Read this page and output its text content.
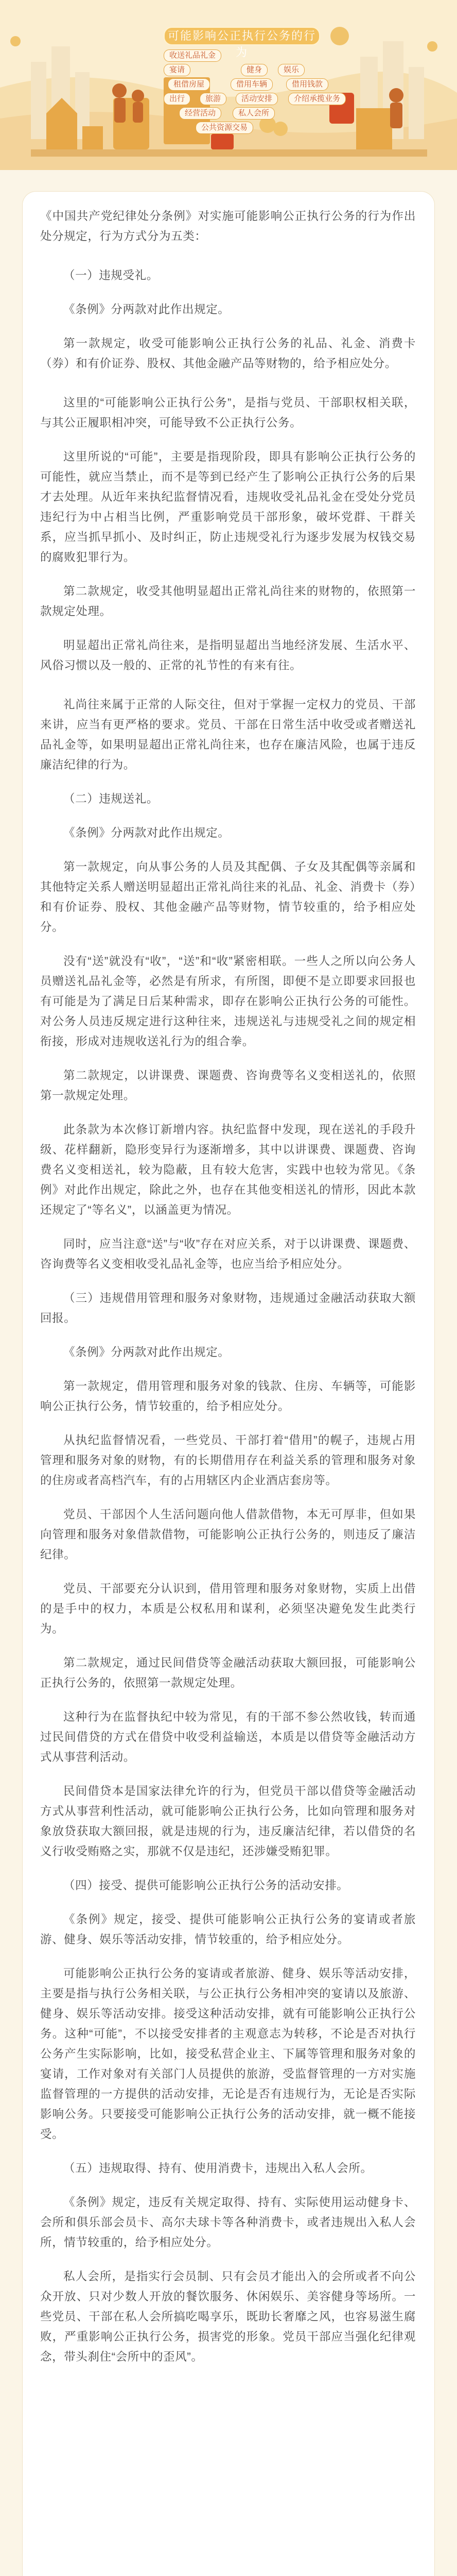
可能影响公正执行公务的行为
收送礼品礼金
宴请	健身	娱乐
租借房屋	借用车辆	借用钱款
出行	旅游	活动安排	介绍承揽业务
经营活动	私人会所
公共资源交易

《中国共产党纪律处分条例》对实施可能影响公正执行公务的行为作出处分规定，行为方式分为五类：

（一）违规受礼。

《条例》分两款对此作出规定。

第一款规定，收受可能影响公正执行公务的礼品、礼金、消费卡（券）和有价证券、股权、其他金融产品等财物的，给予相应处分。

这里的“可能影响公正执行公务”，是指与党员、干部职权相关联，与其公正履职相冲突，可能导致不公正执行公务。

这里所说的“可能”，主要是指现阶段，即具有影响公正执行公务的可能性，就应当禁止，而不是等到已经产生了影响公正执行公务的后果才去处理。从近年来执纪监督情况看，违规收受礼品礼金在受处分党员违纪行为中占相当比例，严重影响党员干部形象，破坏党群、干群关系，应当抓早抓小、及时纠正，防止违规受礼行为逐步发展为权钱交易的腐败犯罪行为。

第二款规定，收受其他明显超出正常礼尚往来的财物的，依照第一款规定处理。

明显超出正常礼尚往来，是指明显超出当地经济发展、生活水平、风俗习惯以及一般的、正常的礼节性的有来有往。

礼尚往来属于正常的人际交往，但对于掌握一定权力的党员、干部来讲，应当有更严格的要求。党员、干部在日常生活中收受或者赠送礼品礼金等，如果明显超出正常礼尚往来，也存在廉洁风险，也属于违反廉洁纪律的行为。

（二）违规送礼。

《条例》分两款对此作出规定。

第一款规定，向从事公务的人员及其配偶、子女及其配偶等亲属和其他特定关系人赠送明显超出正常礼尚往来的礼品、礼金、消费卡（券）和有价证券、股权、其他金融产品等财物，情节较重的，给予相应处分。

没有“送”就没有“收”，“送”和“收”紧密相联。一些人之所以向公务人员赠送礼品礼金等，必然是有所求，有所图，即便不是立即要求回报也有可能是为了满足日后某种需求，即存在影响公正执行公务的可能性。对公务人员违反规定进行这种往来，违规送礼与违规受礼之间的规定相衔接，形成对违规收送礼行为的组合拳。

第二款规定，以讲课费、课题费、咨询费等名义变相送礼的，依照第一款规定处理。

此条款为本次修订新增内容。执纪监督中发现，现在送礼的手段升级、花样翻新，隐形变异行为逐渐增多，其中以讲课费、课题费、咨询费名义变相送礼，较为隐蔽，且有较大危害，实践中也较为常见。《条例》对此作出规定，除此之外，也存在其他变相送礼的情形，因此本款还规定了“等名义”，以涵盖更为情况。

同时，应当注意“送”与“收”存在对应关系，对于以讲课费、课题费、咨询费等名义变相收受礼品礼金等，也应当给予相应处分。

（三）违规借用管理和服务对象财物，违规通过金融活动获取大额回报。

《条例》分两款对此作出规定。

第一款规定，借用管理和服务对象的钱款、住房、车辆等，可能影响公正执行公务，情节较重的，给予相应处分。

从执纪监督情况看，一些党员、干部打着“借用”的幌子，违规占用管理和服务对象的财物，有的长期借用存在利益关系的管理和服务对象的住房或者高档汽车，有的占用辖区内企业酒店套房等。

党员、干部因个人生活问题向他人借款借物，本无可厚非，但如果向管理和服务对象借款借物，可能影响公正执行公务的，则违反了廉洁纪律。

党员、干部要充分认识到，借用管理和服务对象财物，实质上出借的是手中的权力，本质是公权私用和谋利，必须坚决避免发生此类行为。

第二款规定，通过民间借贷等金融活动获取大额回报，可能影响公正执行公务的，依照第一款规定处理。

这种行为在监督执纪中较为常见，有的干部不参公然收钱，转而通过民间借贷的方式在借贷中收受利益输送，本质是以借贷等金融活动方式从事营利活动。

民间借贷本是国家法律允许的行为，但党员干部以借贷等金融活动方式从事营利性活动，就可能影响公正执行公务，比如向管理和服务对象放贷获取大额回报，就是违规的行为，违反廉洁纪律，若以借贷的名义行收受贿赂之实，那就不仅是违纪，还涉嫌受贿犯罪。

（四）接受、提供可能影响公正执行公务的活动安排。

《条例》规定，接受、提供可能影响公正执行公务的宴请或者旅游、健身、娱乐等活动安排，情节较重的，给予相应处分。

可能影响公正执行公务的宴请或者旅游、健身、娱乐等活动安排，主要是指与执行公务相关联，与公正执行公务相冲突的宴请以及旅游、健身、娱乐等活动安排。接受这种活动安排，就有可能影响公正执行公务。这种“可能”，不以接受安排者的主观意志为转移，不论是否对执行公务产生实际影响，比如，接受私营企业主、下属等管理和服务对象的宴请，工作对象对有关部门人员提供的旅游，受监督管理的一方对实施监督管理的一方提供的活动安排，无论是否有违规行为，无论是否实际影响公务。只要接受可能影响公正执行公务的活动安排，就一概不能接受。

（五）违规取得、持有、使用消费卡，违规出入私人会所。

《条例》规定，违反有关规定取得、持有、实际使用运动健身卡、会所和俱乐部会员卡、高尔夫球卡等各种消费卡，或者违规出入私人会所，情节较重的，给予相应处分。

私人会所，是指实行会员制、只有会员才能出入的会所或者不向公众开放、只对少数人开放的餐饮服务、休闲娱乐、美容健身等场所。一些党员、干部在私人会所搞吃喝享乐，既助长奢靡之风，也容易滋生腐败，严重影响公正执行公务，损害党的形象。党员干部应当强化纪律观念，带头刹住“会所中的歪风”。
